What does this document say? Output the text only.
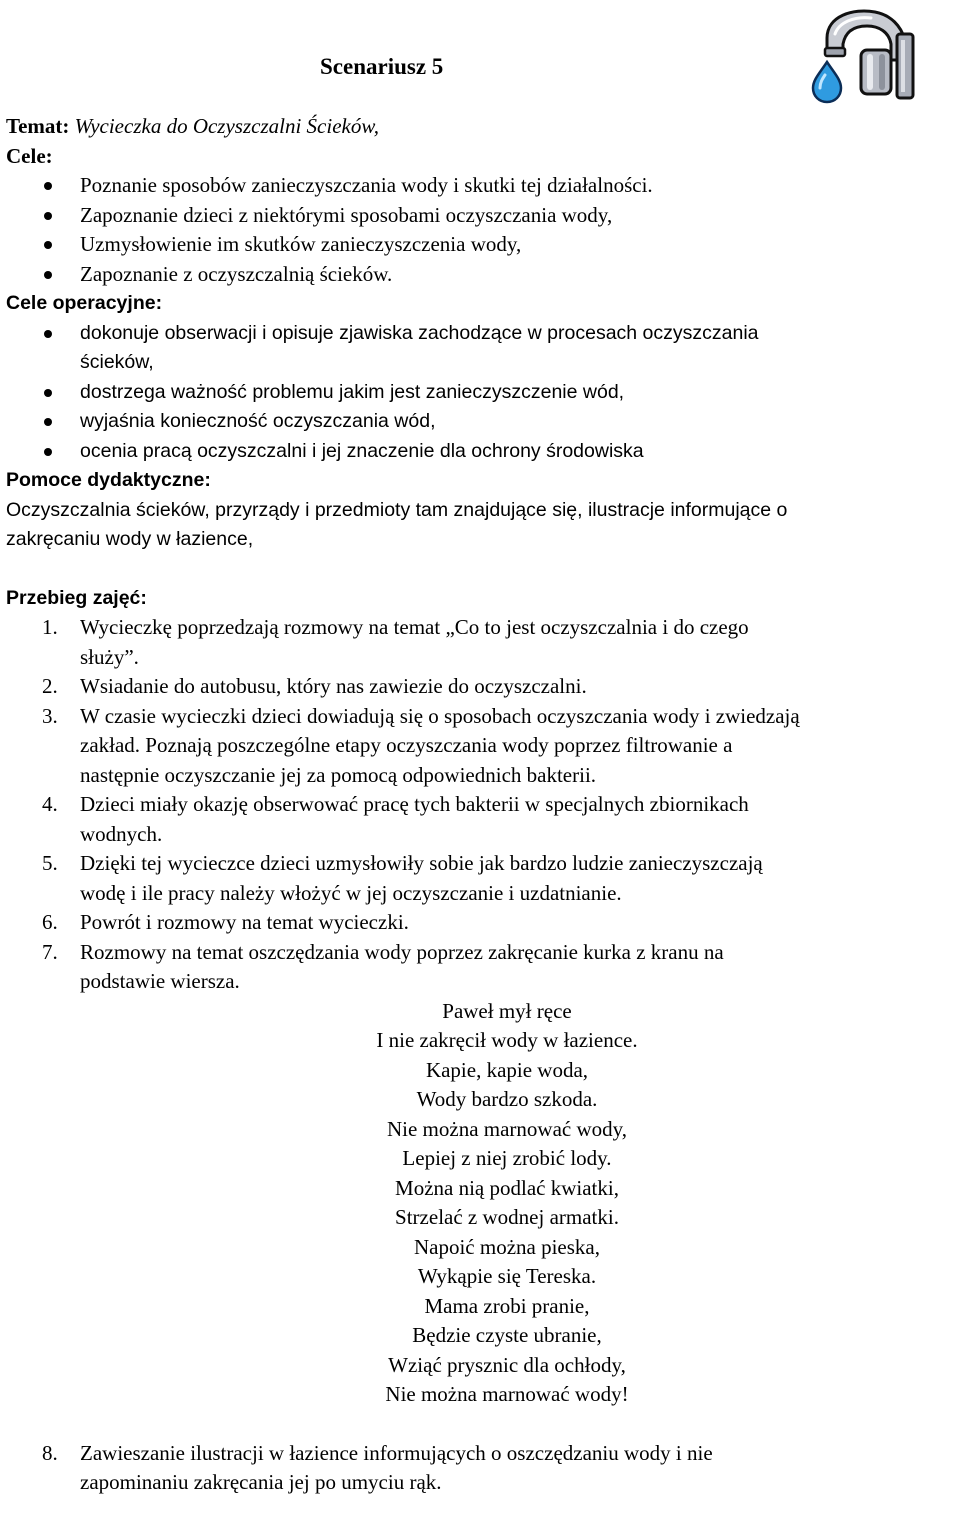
Scenariusz 5
Temat: Wycieczka do Oczyszczalni Ścieków,
Cele:
Poznanie sposobów zanieczyszczania wody i skutki tej działalności.
Zapoznanie dzieci z niektórymi sposobami oczyszczania wody,
Uzmysłowienie im skutków zanieczyszczenia wody,
Zapoznanie z oczyszczalnią ścieków.
Cele operacyjne:
dokonuje obserwacji i opisuje zjawiska zachodzące w procesach oczyszczania
ścieków,
dostrzega ważność problemu jakim jest zanieczyszczenie wód,
wyjaśnia konieczność oczyszczania wód,
ocenia pracą oczyszczalni i jej znaczenie dla ochrony środowiska
Pomoce dydaktyczne:
Oczyszczalnia ścieków, przyrządy i przedmioty tam znajdujące się, ilustracje informujące o
zakręcaniu wody w łazience,
Przebieg zajęć:
1. Wycieczkę poprzedzają rozmowy na temat „Co to jest oczyszczalnia i do czego
służy”.
2. Wsiadanie do autobusu, który nas zawiezie do oczyszczalni.
3. W czasie wycieczki dzieci dowiadują się o sposobach oczyszczania wody i zwiedzają
zakład. Poznają poszczególne etapy oczyszczania wody poprzez filtrowanie a
następnie oczyszczanie jej za pomocą odpowiednich bakterii.
4. Dzieci miały okazję obserwować pracę tych bakterii w specjalnych zbiornikach
wodnych.
5. Dzięki tej wycieczce dzieci uzmysłowiły sobie jak bardzo ludzie zanieczyszczają
wodę i ile pracy należy włożyć w jej oczyszczanie i uzdatnianie.
6. Powrót i rozmowy na temat wycieczki.
7. Rozmowy na temat oszczędzania wody poprzez zakręcanie kurka z kranu na
podstawie wiersza.
Paweł mył ręce
I nie zakręcił wody w łazience.
Kapie, kapie woda,
Wody bardzo szkoda.
Nie można marnować wody,
Lepiej z niej zrobić lody.
Można nią podlać kwiatki,
Strzelać z wodnej armatki.
Napoić można pieska,
Wykąpie się Tereska.
Mama zrobi pranie,
Będzie czyste ubranie,
Wziąć prysznic dla ochłody,
Nie można marnować wody!
8. Zawieszanie ilustracji w łazience informujących o oszczędzaniu wody i nie
zapominaniu zakręcania jej po umyciu rąk.
